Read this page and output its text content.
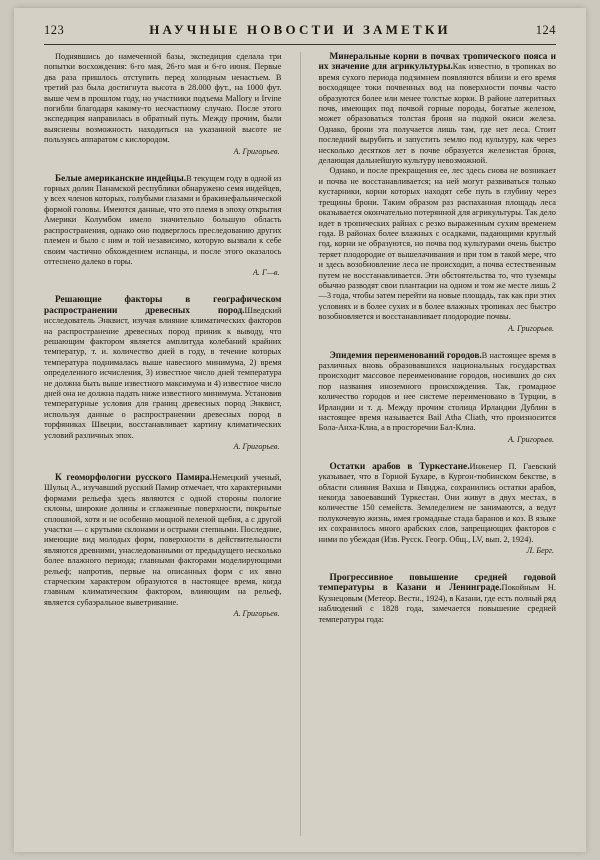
123	НАУЧНЫЕ НОВОСТИ И ЗАМЕТКИ	124

Поднявшись до намеченной базы, экспедиция сделала три попытки восхождения: 6-го мая, 26-го мая и 6-го июня. Первые два раза пришлось отступить перед холодным ненастьем. В третий раз была достигнута высота в 28.000 фут., на 1000 фут. выше чем в прошлом году, но участники подъема Mallory и Irvine погибли благодаря какому-то несчастному случаю. После этого экспедиция направилась в обратный путь. Между прочим, были выяснены возможность находиться на указанной высоте не пользуясь аппаратом с кислородом.

А. Григорьев.

Белые американские индейцы.В текущем году в одной из горных долин Панамской республики обнаружено семя индейцев, у всех членов которых, голубыми глазами и бракинефальнической формой головы. Имеются данные, что это племя в эпоху открытия Америки Колумбом имело значительно большую область распространения, однако оно подверглось преследованию других племен и было с ним и той независимо, которую вызвали к себе своим частично обхождением испанцы, и после этого оказалось оттеснено далеко в горы.

А. Г—в.

Решающие факторы в географическом распространении древесных пород.Шведский исследователь Энквист, изучая влияние климатических факторов на распространение древесных пород приник к выводу, что решающим фактором является амплитуда колебаний крайних температур, т. и. количество дней в году, в течение которых температура поднималась выше навесного минимума, 2) время определенного исчисления, 3) известное число дней температура не должна быть выше известного максимума и 4) известное число дней она не должна падать ниже известного минимума. Установив температурные условия для границ древесных пород Энквист, используя данные о распространении древесных пород в торфяниках Швеции, восстанавливает картину климатических условий различных эпох.

А. Григорьев.

К геоморфологии русского Памира.Немецкий ученый, Шульц А., изучавший русский Памир отмечает, что характерными формами рельефа здесь являются с одной стороны пологие склоны, широкие долины и сглаженные поверхности, покрытые сплошной, хотя и не особенно мощной пеленой щебня, а с другой участки — с крутыми склонами и острыми степными. Последние, имеющие вид молодых форм, поверхности в действительности являются древними, унаследованными от предыдущего несколько более влажного периода; главными факторами моделирующими рельеф; напротив, первые на описанных форм с их явно старческим характером образуются в настоящее время, когда главным климатическим фактором, влияющим на рельеф, является субаэральное выветривание.

А. Григорьев.

Минеральные корни в почвах тропического пояса и их значение для агрикультуры.Как известно, в тропиках во время сухого периода подзимнем появляются вблизи и его время восходящее токи почвенных вод на поверхности почвы часто образуются более или менее толстые корки. В районе латеритных почв, имеющих под почвой горные породы, богатые железом, может образоваться толстая броня на подкой окиси железа. Однако, брони эта получается лишь там, где нет леса. Стоит последний вырубить и запустить землю под культуру, как через несколько десятков лет в почве образуется железистая броня, делающая дальнейшую культуру невозможной.

Однако, и после прекращения ее, лес здесь снова не возникает и почва не восстанавливается; на ней могут развиваться только кустарники, корни которых находят себе путь в глубину через трещины брони. Таким образом раз распаханная площадь леса оказывается окончательно потерянной для агрикультуры. Так дело идет в тропических райнах с резко выраженным сухим временем года. В районах более влажных с осадками, падающими круглый год, корни не образуются, но почва под культурами очень быстро теряет плодородие от вышелачивания и при том в такой мере, что и здесь возобновление леса не происходит, а почва естественным путем не восстанавливается. Эти обстоятельства то, что туземцы обычно разводят свои плантации на одном и том же месте лишь 2—3 года, чтобы затем перейти на новые площадь, так как при этих условиях и в более сухих и в более влажных тропиках лес быстро возобновляется и восстанавливает плодородие почвы.

А. Григорьев.

Эпидемия переименований городов.В настоящее время в различных вновь образовавшихся национальных государствах происходит массовое переименование городов, носивших до сих пор названия иноземного происхождения. Так, громадное количество городов и нее системе переименовано в Турции, в Ирландии и т. д. Между прочим столица Ирландии Дублин в настоящее время называется Bail Atha Cliath, что произносится Бола-Анха-Клиа, а в просторечии Бал-Клиа.

А. Григорьев.

Остатки арабов в Туркестане.Инженер П. Гаевский указывает, что в Горной Бухаре, в Кургон-тюбинском бекстве, в области слияния Вахша и Пянджа, сохранились остатки арабов, некогда завоевавший Туркестан. Они живут в двух местах, в количестве 150 семейств. Земледелием не занимаются, а ведут полукочевую жизнь, имея громадные стада баранов и коз. В языке их сохранилось много арабских слов, запрещающих факторов с ними по убеждая (Изв. Русск. Геогр. Общ., LV, вып. 2, 1924).

Л. Берг.

Прогрессивное повышение средней годовой температуры в Казани и Ленинграде.Покойным Н. Кузнецовым (Метеор. Вестн., 1924), в Казани, где есть полный ряд наблюдений с 1828 года, замечается повышение средней температуры года:
